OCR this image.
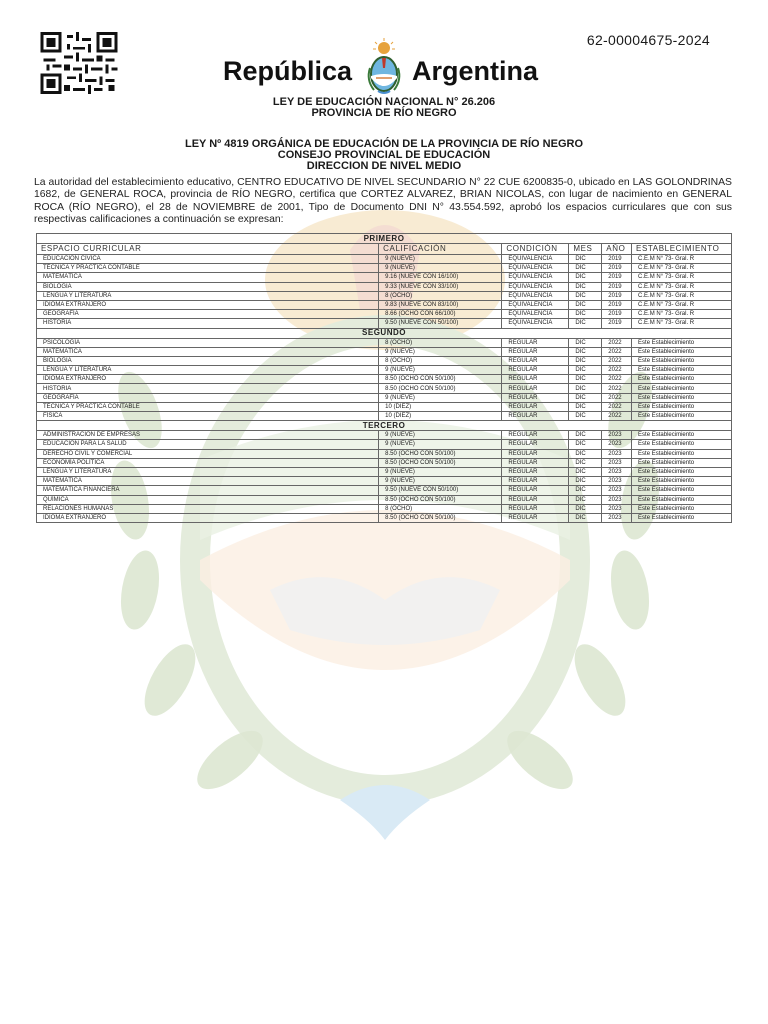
62-00004675-2024
República Argentina
LEY DE EDUCACIÓN NACIONAL N° 26.206
PROVINCIA DE RÍO NEGRO
LEY Nº 4819 ORGÁNICA DE EDUCACIÓN DE LA PROVINCIA DE RÍO NEGRO
CONSEJO PROVINCIAL DE EDUCACIÓN
DIRECCION DE NIVEL MEDIO
La autoridad del establecimiento educativo, CENTRO EDUCATIVO DE NIVEL SECUNDARIO N° 22 CUE 6200835-0, ubicado en LAS GOLONDRINAS 1682, de GENERAL ROCA, provincia de RÍO NEGRO, certifica que CORTEZ ALVAREZ, BRIAN NICOLAS, con lugar de nacimiento en GENERAL ROCA (RÍO NEGRO), el 28 de NOVIEMBRE de 2001, Tipo de Documento DNI N° 43.554.592, aprobó los espacios curriculares que con sus respectivas calificaciones a continuación se expresan:
PRIMERO					
ESPACIO CURRICULAR	CALIFICACIÓN	CONDICIÓN	MES	AÑO	ESTABLECIMIENTO
EDUCACIÓN CIVICA	9 (NUEVE)	EQUIVALENCIA	DIC	2019	C.E.M N° 73- Gral. R
TÉCNICA Y PRÁCTICA CONTABLE	9 (NUEVE)	EQUIVALENCIA	DIC	2019	C.E.M N° 73- Gral. R
MATEMÁTICA	9.16 (NUEVE CON 16/100)	EQUIVALENCIA	DIC	2019	C.E.M N° 73- Gral. R
BIOLOGIA	9.33 (NUEVE CON 33/100)	EQUIVALENCIA	DIC	2019	C.E.M N° 73- Gral. R
LENGUA Y LITERATURA	8 (OCHO)	EQUIVALENCIA	DIC	2019	C.E.M N° 73- Gral. R
IDIOMA EXTRANJERO	9.83 (NUEVE CON 83/100)	EQUIVALENCIA	DIC	2019	C.E.M N° 73- Gral. R
GEOGRAFÍA	8.66 (OCHO CON 66/100)	EQUIVALENCIA	DIC	2019	C.E.M N° 73- Gral. R
HISTORIA	9.50 (NUEVE CON 50/100)	EQUIVALENCIA	DIC	2019	C.E.M N° 73- Gral. R
SEGUNDO					
PSICOLOGÍA	8 (OCHO)	REGULAR	DIC	2022	Este Establecimiento
MATEMÁTICA	9 (NUEVE)	REGULAR	DIC	2022	Este Establecimiento
BIOLOGIA	8 (OCHO)	REGULAR	DIC	2022	Este Establecimiento
LENGUA Y LITERATURA	9 (NUEVE)	REGULAR	DIC	2022	Este Establecimiento
IDIOMA EXTRANJERO	8.50 (OCHO CON 50/100)	REGULAR	DIC	2022	Este Establecimiento
HISTORIA	8.50 (OCHO CON 50/100)	REGULAR	DIC	2022	Este Establecimiento
GEOGRAFÍA	9 (NUEVE)	REGULAR	DIC	2022	Este Establecimiento
TÉCNICA Y PRÁCTICA CONTABLE	10 (DIEZ)	REGULAR	DIC	2022	Este Establecimiento
FÍSICA	10 (DIEZ)	REGULAR	DIC	2022	Este Establecimiento
TERCERO					
ADMINISTRACIÓN DE EMPRESAS	9 (NUEVE)	REGULAR	DIC	2023	Este Establecimiento
EDUCACIÓN PARA LA SALUD	9 (NUEVE)	REGULAR	DIC	2023	Este Establecimiento
DERECHO CIVIL Y COMERCIAL	8.50 (OCHO CON 50/100)	REGULAR	DIC	2023	Este Establecimiento
ECONOMÍA POLÍTICA	8.50 (OCHO CON 50/100)	REGULAR	DIC	2023	Este Establecimiento
LENGUA Y LITERATURA	9 (NUEVE)	REGULAR	DIC	2023	Este Establecimiento
MATEMÁTICA	9 (NUEVE)	REGULAR	DIC	2023	Este Establecimiento
MATEMÁTICA FINANCIERA	9.50 (NUEVE CON 50/100)	REGULAR	DIC	2023	Este Establecimiento
QUÍMICA	8.50 (OCHO CON 50/100)	REGULAR	DIC	2023	Este Establecimiento
RELACIONES HUMANAS	8 (OCHO)	REGULAR	DIC	2023	Este Establecimiento
IDIOMA EXTRANJERO	8.50 (OCHO CON 50/100)	REGULAR	DIC	2023	Este Establecimiento
